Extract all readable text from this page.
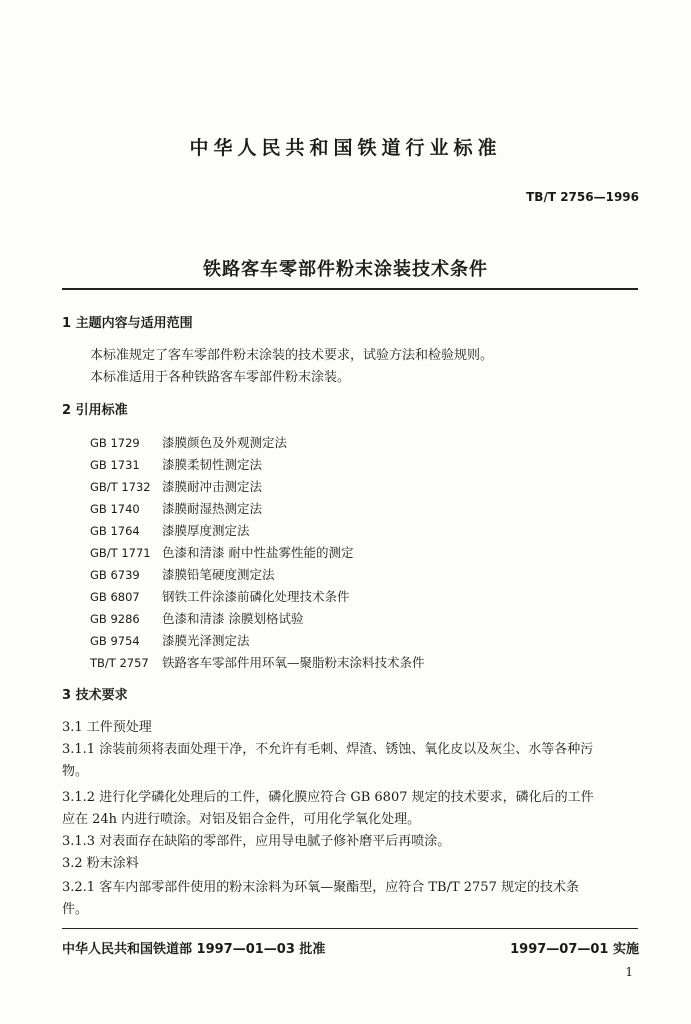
中华人民共和国铁道行业标准
TB/T 2756—1996
铁路客车零部件粉末涂装技术条件
1 主题内容与适用范围
本标准规定了客车零部件粉末涂装的技术要求，试验方法和检验规则。
本标准适用于各种铁路客车零部件粉末涂装。
2 引用标准
GB 1729 漆膜颜色及外观测定法
GB 1731 漆膜柔韧性测定法
GB/T 1732 漆膜耐冲击测定法
GB 1740 漆膜耐湿热测定法
GB 1764 漆膜厚度测定法
GB/T 1771 色漆和清漆 耐中性盐雾性能的测定
GB 6739 漆膜铅笔硬度测定法
GB 6807 钢铁工件涂漆前磷化处理技术条件
GB 9286 色漆和清漆 涂膜划格试验
GB 9754 漆膜光泽测定法
TB/T 2757 铁路客车零部件用环氧—聚脂粉末涂料技术条件
3 技术要求
3.1 工件预处理
3.1.1 涂装前须将表面处理干净，不允许有毛刺、焊渣、锈蚀、氧化皮以及灰尘、水等各种污
物。
3.1.2 进行化学磷化处理后的工件，磷化膜应符合 GB 6807 规定的技术要求，磷化后的工件
应在 24h 内进行喷涂。对铝及铝合金件，可用化学氧化处理。
3.1.3 对表面存在缺陷的零部件，应用导电腻子修补磨平后再喷涂。
3.2 粉末涂料
3.2.1 客车内部零部件使用的粉末涂料为环氧—聚酯型，应符合 TB/T 2757 规定的技术条
件。
中华人民共和国铁道部 1997—01—03 批准	1997—07—01 实施
1
